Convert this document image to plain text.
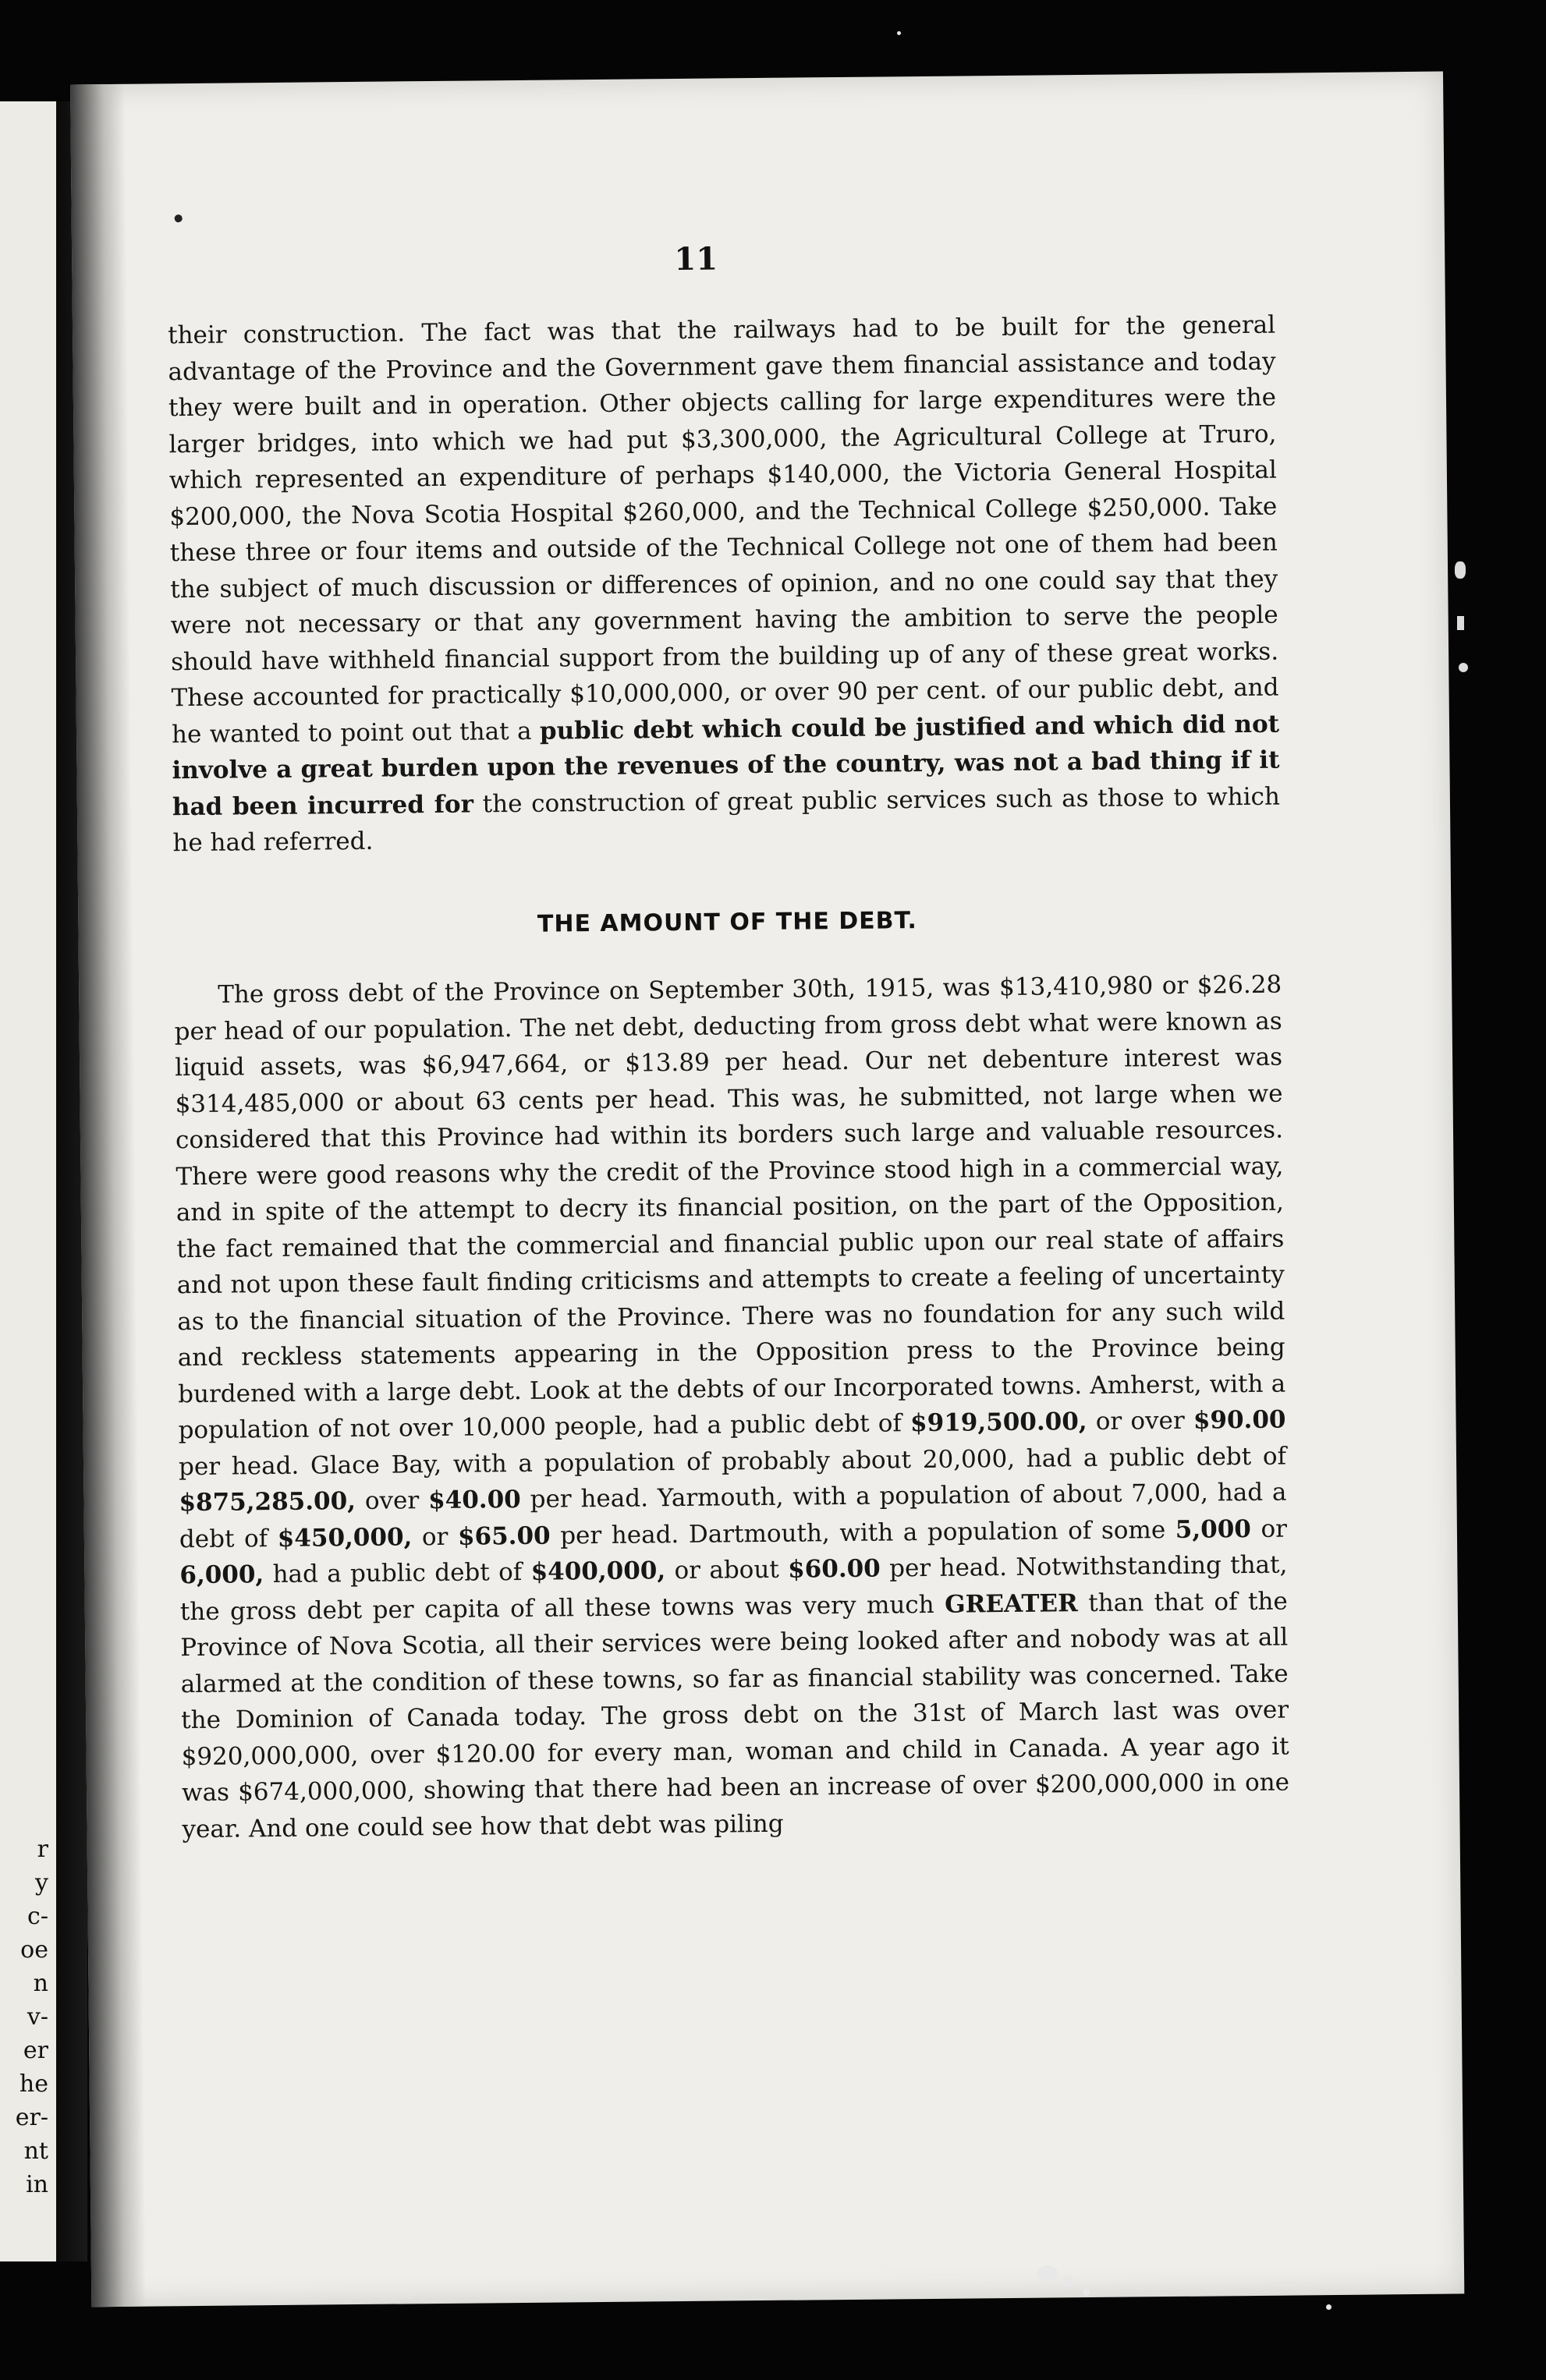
r
y
c-
oe
n
v-
er
he
er-
nt
in
11

their construction. The fact was that the railways had to be built for the general advantage of the Province and the Government gave them financial assistance and today they were built and in operation. Other objects calling for large expenditures were the larger bridges, into which we had put $3,300,000, the Agricultural College at Truro, which represented an expenditure of perhaps $140,000, the Victoria General Hospital $200,000, the Nova Scotia Hospital $260,000, and the Technical College $250,000. Take these three or four items and outside of the Technical College not one of them had been the subject of much discussion or differences of opinion, and no one could say that they were not necessary or that any government having the ambition to serve the people should have withheld financial support from the building up of any of these great works. These accounted for practically $10,000,000, or over 90 per cent. of our public debt, and he wanted to point out that a public debt which could be justified and which did not involve a great burden upon the revenues of the country, was not a bad thing if it had been incurred for the construction of great public services such as those to which he had referred.

THE AMOUNT OF THE DEBT.

The gross debt of the Province on September 30th, 1915, was $13,410,980 or $26.28 per head of our population. The net debt, deducting from gross debt what were known as liquid assets, was $6,947,664, or $13.89 per head. Our net debenture interest was $314,485,000 or about 63 cents per head. This was, he submitted, not large when we considered that this Province had within its borders such large and valuable resources. There were good reasons why the credit of the Province stood high in a commercial way, and in spite of the attempt to decry its financial position, on the part of the Opposition, the fact remained that the commercial and financial public upon our real state of affairs and not upon these fault finding criticisms and attempts to create a feeling of uncertainty as to the financial situation of the Province. There was no foundation for any such wild and reckless statements appearing in the Opposition press to the Province being burdened with a large debt. Look at the debts of our Incorporated towns. Amherst, with a population of not over 10,000 people, had a public debt of $919,500.00, or over $90.00 per head. Glace Bay, with a population of probably about 20,000, had a public debt of $875,285.00, over $40.00 per head. Yarmouth, with a population of about 7,000, had a debt of $450,000, or $65.00 per head. Dartmouth, with a population of some 5,000 or 6,000, had a public debt of $400,000, or about $60.00 per head. Notwithstanding that, the gross debt per capita of all these towns was very much GREATER than that of the Province of Nova Scotia, all their services were being looked after and nobody was at all alarmed at the condition of these towns, so far as financial stability was concerned. Take the Dominion of Canada today. The gross debt on the 31st of March last was over $920,000,000, over $120.00 for every man, woman and child in Canada. A year ago it was $674,000,000, showing that there had been an increase of over $200,000,000 in one year. And one could see how that debt was piling
